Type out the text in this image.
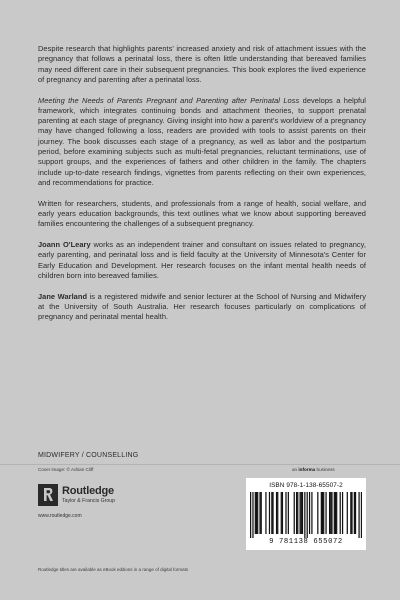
Despite research that highlights parents' increased anxiety and risk of attachment issues with the pregnancy that follows a perinatal loss, there is often little understanding that bereaved families may need different care in their subsequent pregnancies. This book explores the lived experience of pregnancy and parenting after a perinatal loss.

Meeting the Needs of Parents Pregnant and Parenting after Perinatal Loss develops a helpful framework, which integrates continuing bonds and attachment theories, to support prenatal parenting at each stage of pregnancy. Giving insight into how a parent's worldview of a pregnancy may have changed following a loss, readers are provided with tools to assist parents on their journey. The book discusses each stage of a pregnancy, as well as labor and the postpartum period, before examining subjects such as multi-fetal pregnancies, reluctant terminations, use of support groups, and the experiences of fathers and other children in the family. The chapters include up-to-date research findings, vignettes from parents reflecting on their own experiences, and recommendations for practice.

Written for researchers, students, and professionals from a range of health, social welfare, and early years education backgrounds, this text outlines what we know about supporting bereaved families encountering the challenges of a subsequent pregnancy.

Joann O'Leary works as an independent trainer and consultant on issues related to pregnancy, early parenting, and perinatal loss and is field faculty at the University of Minnesota's Center for Early Education and Development. Her research focuses on the infant mental health needs of children born into bereaved families.

Jane Warland is a registered midwife and senior lecturer at the School of Nursing and Midwifery at the University of South Australia. Her research focuses particularly on complications of pregnancy and perinatal mental health.

MIDWIFERY / COUNSELLING
Cover image: © Adrian Cliff	an informa business
Routledge
Taylor & Francis Group
www.routledge.com
ISBN 978-1-138-65507-2
9 781138 655072
Routledge titles are available as eBook editions in a range of digital formats
